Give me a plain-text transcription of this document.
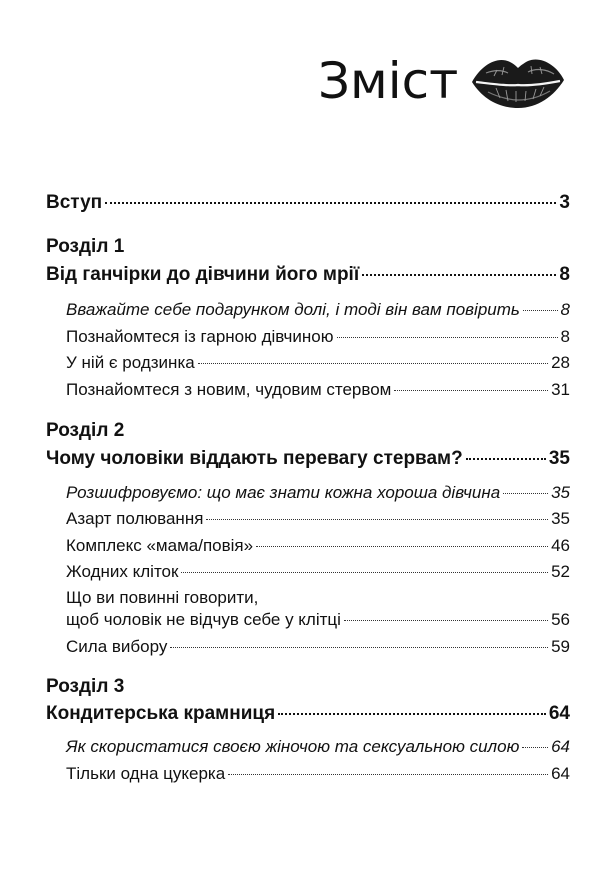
Зміст
Вступ	3
Розділ 1
Від ганчірки до дівчини його мрії	8
Вважайте себе подарунком долі, і тоді він вам повірить 8
Познайомтеся із гарною дівчиною	8
У ній є родзинка	28
Познайомтеся з новим, чудовим стервом	31
Розділ 2
Чому чоловіки віддають перевагу стервам?	35
Розшифровуємо: що має знати кожна хороша дівчина	35
Азарт полювання	35
Комплекс «мама/повія»	46
Жодних кліток	52
Що ви повинні говорити,
щоб чоловік не відчув себе у клітці	56
Сила вибору	59
Розділ 3
Кондитерська крамниця	64
Як скористатися своєю жіночою та сексуальною силою 64
Тільки одна цукерка	64
